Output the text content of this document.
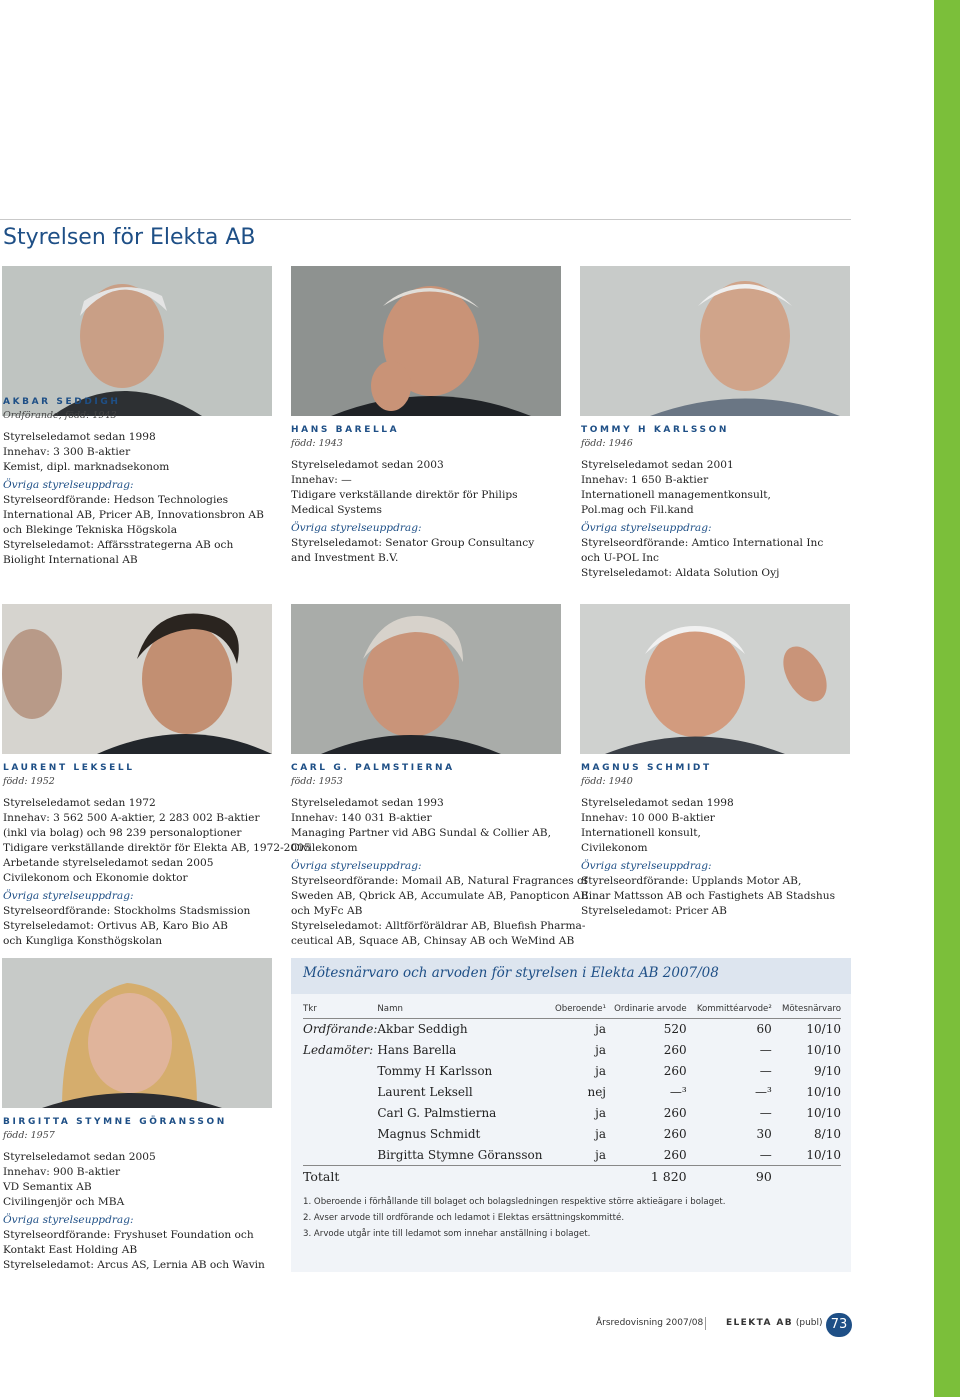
Styrelsen för Elekta AB
AKBAR SEDDIGH
Ordförande, född: 1943
Styrelseledamot sedan 1998
Innehav: 3 300 B-aktier
Kemist, dipl. marknadsekonom
Övriga styrelseuppdrag:
Styrelseordförande: Hedson Technologies
International AB, Pricer AB, Innovationsbron AB
och Blekinge Tekniska Högskola
Styrelseledamot: Affärsstrategerna AB och
Biolight International AB
HANS BARELLA
född: 1943
Styrelseledamot sedan 2003
Innehav: —
Tidigare verkställande direktör för Philips
Medical Systems
Övriga styrelseuppdrag:
Styrelseledamot: Senator Group Consultancy
and Investment B.V.
TOMMY H KARLSSON
född: 1946
Styrelseledamot sedan 2001
Innehav: 1 650 B-aktier
Internationell managementkonsult,
Pol.mag och Fil.kand
Övriga styrelseuppdrag:
Styrelseordförande: Amtico International Inc
och U-POL Inc
Styrelseledamot: Aldata Solution Oyj
LAURENT LEKSELL
född: 1952
Styrelseledamot sedan 1972
Innehav: 3 562 500 A-aktier, 2 283 002 B-aktier
(inkl via bolag) och 98 239 personaloptioner
Tidigare verkställande direktör för Elekta AB, 1972-2005
Arbetande styrelseledamot sedan 2005
Civilekonom och Ekonomie doktor
Övriga styrelseuppdrag:
Styrelseordförande: Stockholms Stadsmission
Styrelseledamot: Ortivus AB, Karo Bio AB
och Kungliga Konsthögskolan
CARL G. PALMSTIERNA
född: 1953
Styrelseledamot sedan 1993
Innehav: 140 031 B-aktier
Managing Partner vid ABG Sundal & Collier AB,
Civilekonom
Övriga styrelseuppdrag:
Styrelseordförande: Momail AB, Natural Fragrances of
Sweden AB, Qbrick AB, Accumulate AB, Panopticon AB
och MyFc AB
Styrelseledamot: Alltförföräldrar AB, Bluefish Pharma-
ceutical AB, Squace AB, Chinsay AB och WeMind AB
MAGNUS SCHMIDT
född: 1940
Styrelseledamot sedan 1998
Innehav: 10 000 B-aktier
Internationell konsult,
Civilekonom
Övriga styrelseuppdrag:
Styrelseordförande: Upplands Motor AB,
Einar Mattsson AB och Fastighets AB Stadshus
Styrelseledamot: Pricer AB
BIRGITTA STYMNE GÖRANSSON
född: 1957
Styrelseledamot sedan 2005
Innehav: 900 B-aktier
VD Semantix AB
Civilingenjör och MBA
Övriga styrelseuppdrag:
Styrelseordförande: Fryshuset Foundation och
Kontakt East Holding AB
Styrelseledamot: Arcus AS, Lernia AB och Wavin
Mötesnärvaro och arvoden för styrelsen i Elekta AB 2007/08
Tkr	Namn	Oberoende¹	Ordinarie arvode	Kommittéarvode²	Mötesnärvaro
Ordförande:	Akbar Seddigh	ja	520	60	10/10
Ledamöter:	Hans Barella	ja	260	—	10/10
	Tommy H Karlsson	ja	260	—	9/10
	Laurent Leksell	nej	—³	—³	10/10
	Carl G. Palmstierna	ja	260	—	10/10
	Magnus Schmidt	ja	260	30	8/10
	Birgitta Stymne Göransson	ja	260	—	10/10
Totalt			1 820	90	
1. Oberoende i förhållande till bolaget och bolagsledningen respektive större aktieägare i bolaget.
2. Avser arvode till ordförande och ledamot i Elektas ersättningskommitté.
3. Arvode utgår inte till ledamot som innehar anställning i bolaget.
Årsredovisning 2007/08	ELEKTA AB (publ) 73
